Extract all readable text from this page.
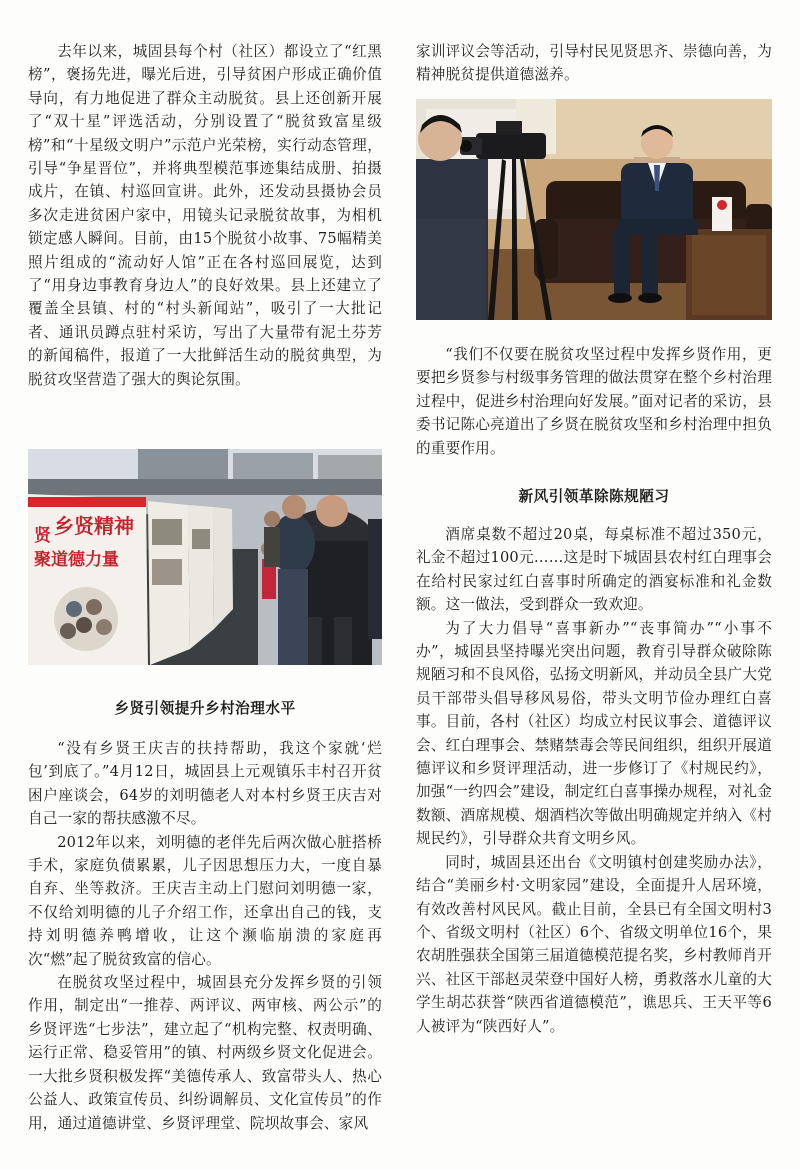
去年以来，城固县每个村（社区）都设立了“红黑榜”，褒扬先进，曝光后进，引导贫困户形成正确价值导向，有力地促进了群众主动脱贫。县上还创新开展了“双十星”评选活动，分别设置了“脱贫致富星级榜”和“十星级文明户”示范户光荣榜，实行动态管理，引导“争星晋位”，并将典型模范事迹集结成册、拍摄成片，在镇、村巡回宣讲。此外，还发动县摄协会员多次走进贫困户家中，用镜头记录脱贫故事，为相机锁定感人瞬间。目前，由15个脱贫小故事、75幅精美照片组成的“流动好人馆”正在各村巡回展览，达到了“用身边事教育身边人”的良好效果。县上还建立了覆盖全县镇、村的“村头新闻站”，吸引了一大批记者、通讯员蹲点驻村采访，写出了大量带有泥土芬芳的新闻稿件，报道了一大批鲜活生动的脱贫典型，为脱贫攻坚营造了强大的舆论氛围。

贤 乡贤精神
聚道德力量
乡贤引领提升乡村治理水平

“没有乡贤王庆吉的扶持帮助，我这个家就‘烂包’到底了。”4月12日，城固县上元观镇乐丰村召开贫困户座谈会，64岁的刘明德老人对本村乡贤王庆吉对自己一家的帮扶感激不尽。

2012年以来，刘明德的老伴先后两次做心脏搭桥手术，家庭负债累累，儿子因思想压力大，一度自暴自弃、坐等救济。王庆吉主动上门慰问刘明德一家，不仅给刘明德的儿子介绍工作，还拿出自己的钱，支持刘明德养鸭增收，让这个濒临崩溃的家庭再次“燃”起了脱贫致富的信心。

在脱贫攻坚过程中，城固县充分发挥乡贤的引领作用，制定出“一推荐、两评议、两审核、两公示”的乡贤评选“七步法”，建立起了“机构完整、权责明确、运行正常、稳妥管用”的镇、村两级乡贤文化促进会。一大批乡贤积极发挥“美德传承人、致富带头人、热心公益人、政策宣传员、纠纷调解员、文化宣传员”的作用，通过道德讲堂、乡贤评理堂、院坝故事会、家风

家训评议会等活动，引导村民见贤思齐、崇德向善，为精神脱贫提供道德滋养。

“我们不仅要在脱贫攻坚过程中发挥乡贤作用，更要把乡贤参与村级事务管理的做法贯穿在整个乡村治理过程中，促进乡村治理向好发展。”面对记者的采访，县委书记陈心亮道出了乡贤在脱贫攻坚和乡村治理中担负的重要作用。

新风引领革除陈规陋习

酒席桌数不超过20桌，每桌标准不超过350元，礼金不超过100元……这是时下城固县农村红白理事会在给村民家过红白喜事时所确定的酒宴标准和礼金数额。这一做法，受到群众一致欢迎。

为了大力倡导“喜事新办”“丧事简办”“小事不办”，城固县坚持曝光突出问题，教育引导群众破除陈规陋习和不良风俗，弘扬文明新风，并动员全县广大党员干部带头倡导移风易俗，带头文明节俭办理红白喜事。目前，各村（社区）均成立村民议事会、道德评议会、红白理事会、禁赌禁毒会等民间组织，组织开展道德评议和乡贤评理活动，进一步修订了《村规民约》，加强“一约四会”建设，制定红白喜事操办规程，对礼金数额、酒席规模、烟酒档次等做出明确规定并纳入《村规民约》，引导群众共育文明乡风。

同时，城固县还出台《文明镇村创建奖励办法》，结合“美丽乡村·文明家园”建设，全面提升人居环境，有效改善村风民风。截止目前，全县已有全国文明村3个、省级文明村（社区）6个、省级文明单位16个，果农胡胜强获全国第三届道德模范提名奖，乡村教师肖开兴、社区干部赵灵荣登中国好人榜，勇救落水儿童的大学生胡芯获誉“陕西省道德模范”，谯思兵、王天平等6人被评为“陕西好人”。
